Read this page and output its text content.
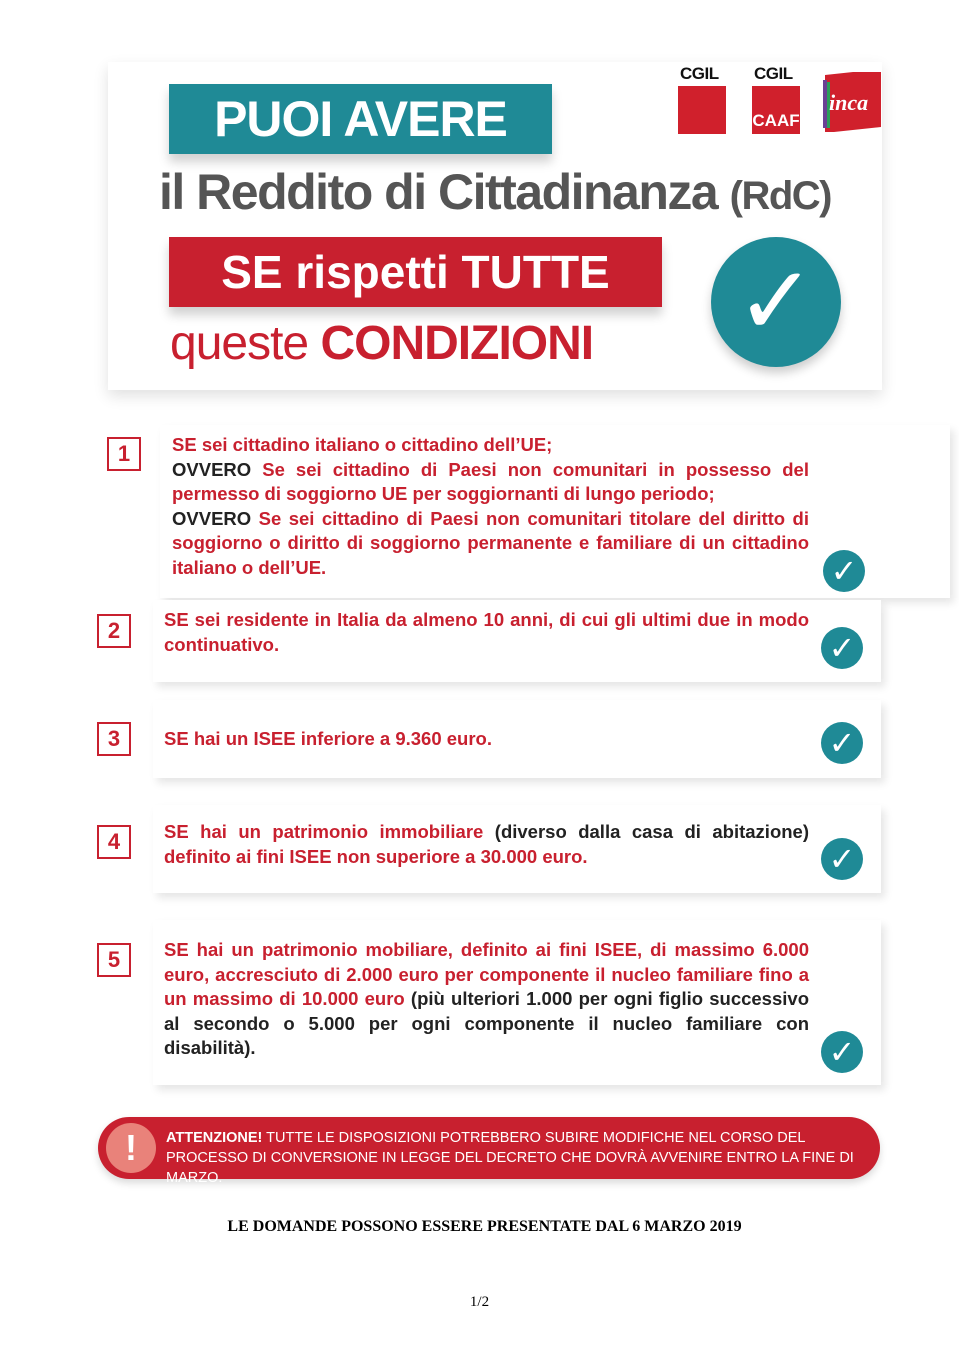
PUOI AVERE
il Reddito di Cittadinanza (RdC)
SE rispetti TUTTE
queste CONDIZIONI ✓
CGIL CGIL
CAAF
inca
1	SE sei cittadino italiano o cittadino dell’UE;
OVVERO Se sei cittadino di Paesi non comunitari in possesso del permesso di soggiorno UE per soggiornanti di lungo periodo;
OVVERO Se sei cittadino di Paesi non comunitari titolare del diritto di soggiorno o diritto di soggiorno permanente e familiare di un cittadino italiano o dell’UE.	✓
2	SE sei residente in Italia da almeno 10 anni, di cui gli ultimi due in modo continuativo.	✓
3	SE hai un ISEE inferiore a 9.360 euro.	✓
4	SE hai un patrimonio immobiliare (diverso dalla casa di abitazione) definito ai fini ISEE non superiore a 30.000 euro.	✓
5	SE hai un patrimonio mobiliare, definito ai fini ISEE, di massimo 6.000 euro, accresciuto di 2.000 euro per componente il nucleo familiare fino a un massimo di 10.000 euro (più ulteriori 1.000 per ogni figlio successivo al secondo o 5.000 per ogni componente il nucleo familiare con disabilità).	✓
!	ATTENZIONE! TUTTE LE DISPOSIZIONI POTREBBERO SUBIRE MODIFICHE NEL CORSO DEL PROCESSO DI CONVERSIONE IN LEGGE DEL DECRETO CHE DOVRÀ AVVENIRE ENTRO LA FINE DI MARZO.
LE DOMANDE POSSONO ESSERE PRESENTATE DAL 6 MARZO 2019
1/2
